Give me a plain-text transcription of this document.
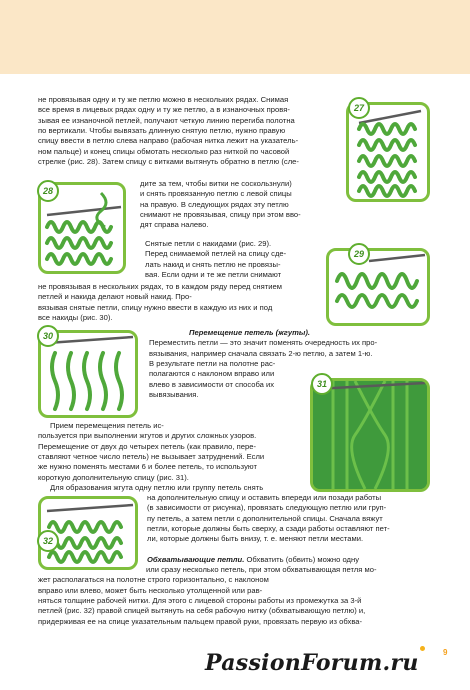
не провязывая одну и ту же петлю можно в нескольких рядах. Снимая
все время в лицевых рядах одну и ту же петлю, а в изнаночных провя-
зывая ее изнаночной петлей, получают четкую линию перегиба полотна
по вертикали. Чтобы вывязать длинную снятую петлю, нужно правую
спицу ввести в петлю слева направо (рабочая нитка лежит на указатель-
ном пальце) и конец спицы обмотать несколько раз ниткой по часовой
стрелке (рис. 28). Затем спицу с витками вытянуть обратно в петлю (сле-
27
28
дите за тем, чтобы витки не соскользнули)
и снять провязанную петлю с левой спицы
на правую. В следующих рядах эту петлю
снимают не провязывая, спицу при этом вво-
дят справа налево.
Снятые петли с накидами (рис. 29).
Перед снимаемой петлей на спицу сде-
лать накид и снять петлю не провязы-
вая. Если одни и те же петли снимают
29
не провязывая в нескольких рядах, то в каждом ряду перед снятием
петлей и накида делают новый накид. Про-
вязывая снятые петли, спицу нужно ввести в каждую из них и под
все накиды (рис. 30).
30	Перемещение петель (жгуты).
Переместить петли — это значит поменять очередность их про-
вязывания, например сначала связать 2-ю петлю, а затем 1-ю.
В результате петли на полотне рас-
полагаются с наклоном вправо или
влево в зависимости от способа их
вывязывания.
31
Прием перемещения петель ис-
пользуется при выполнении жгутов и других сложных узоров.
Перемещение от двух до четырех петель (как правило, пере-
ставляют четное число петель) не вызывает затруднений. Если
же нужно поменять местами 6 и более петель, то используют
короткую дополнительную спицу (рис. 31).
Для образования жгута одну петлю или группу петель снять
32
на дополнительную спицу и оставить впереди или позади работы
(в зависимости от рисунка), провязать следующую петлю или груп-
пу петель, а затем петли с дополнительной спицы. Сначала вяжут
петли, которые должны быть сверху, а сзади работы оставляют пет-
ли, которые должны быть внизу, т. е. меняют петли местами.
Обхватывающие петли. Обхватить (обвить) можно одну
или сразу несколько петель, при этом обхватывающая петля мо-
жет располагаться на полотне строго горизонтально, с наклоном
вправо или влево, может быть несколько утолщенной или рав-
няться толщине рабочей нитки. Для этого с лицевой стороны работы из промежутка за 3-й
петлей (рис. 32) правой спицей вытянуть на себя рабочую нитку (обхватывающую петлю) и,
придерживая ее на спице указательным пальцем правой руки, провязать первую из обхва-
PassionForum.ru	9
